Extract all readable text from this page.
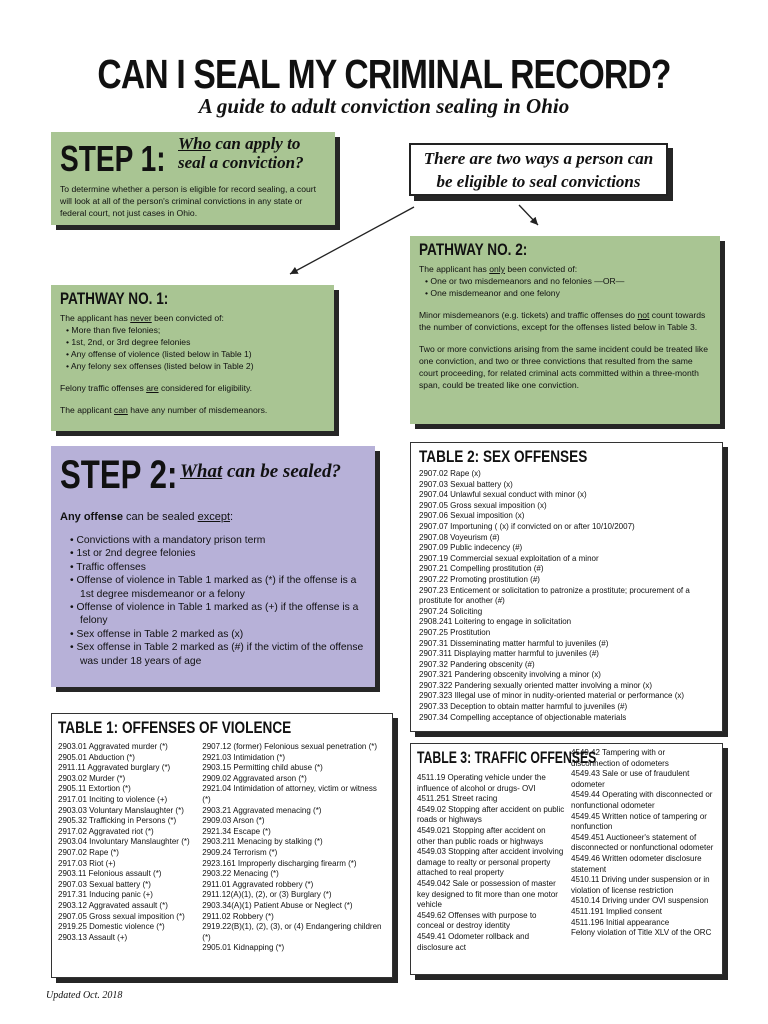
CAN I SEAL MY CRIMINAL RECORD?
A guide to adult conviction sealing in Ohio
STEP 1: Who can apply to
seal a conviction?
To determine whether a person is eligible for record sealing, a court will look at all of the person's criminal convictions in any state or federal court, not just cases in Ohio.
There are two ways a person can
be eligible to seal convictions
PATHWAY NO. 1:
The applicant has never been convicted of:
• More than five felonies;
• 1st, 2nd, or 3rd degree felonies
• Any offense of violence (listed below in Table 1)
• Any felony sex offenses (listed below in Table 2)
Felony traffic offenses are considered for eligibility.
The applicant can have any number of misdemeanors.
PATHWAY NO. 2:
The applicant has only been convicted of:
• One or two misdemeanors and no felonies —OR—
• One misdemeanor and one felony
Minor misdemeanors (e.g. tickets) and traffic offenses do not count towards the number of convictions, except for the offenses listed below in Table 3.
Two or more convictions arising from the same incident could be treated like one conviction, and two or three convictions that resulted from the same court proceeding, for related criminal acts committed within a three-month span, could be treated like one conviction.
STEP 2: What can be sealed?
Any offense can be sealed except:
• Convictions with a mandatory prison term
• 1st or 2nd degree felonies
• Traffic offenses
• Offense of violence in Table 1 marked as (*) if the offense is a 1st degree misdemeanor or a felony
• Offense of violence in Table 1 marked as (+) if the offense is a felony
• Sex offense in Table 2 marked as (x)
• Sex offense in Table 2 marked as (#) if the victim of the offense was under 18 years of age
TABLE 1: OFFENSES OF VIOLENCE
2903.01 Aggravated murder (*)
2905.01 Abduction (*)
2911.11 Aggravated burglary (*)
2903.02 Murder (*)
2905.11 Extortion (*)
2917.01 Inciting to violence (+)
2903.03 Voluntary Manslaughter (*)
2905.32 Trafficking in Persons (*)
2917.02 Aggravated riot (*)
2903.04 Involuntary Manslaughter (*)
2907.02 Rape (*)
2917.03 Riot (+)
2903.11 Felonious assault (*)
2907.03 Sexual battery (*)
2917.31 Inducing panic (+)
2903.12 Aggravated assault (*)
2907.05 Gross sexual imposition (*)
2919.25 Domestic violence (*)
2903.13 Assault (+)
2907.12 (former) Felonious sexual penetration (*)
2921.03 Intimidation (*)
2903.15 Permitting child abuse (*)
2909.02 Aggravated arson (*)
2921.04 Intimidation of attorney, victim or witness (*)
2903.21 Aggravated menacing (*)
2909.03 Arson (*)
2921.34 Escape (*)
2903.211 Menacing by stalking (*)
2909.24 Terrorism (*)
2923.161 Improperly discharging firearm (*)
2903.22 Menacing (*)
2911.01 Aggravated robbery (*)
2911.12(A)(1), (2), or (3) Burglary (*)
2903.34(A)(1) Patient Abuse or Neglect (*)
2911.02 Robbery (*)
2919.22(B)(1), (2), (3), or (4) Endangering children (*)
2905.01 Kidnapping (*)
TABLE 2: SEX OFFENSES
2907.02 Rape (x)
2907.03 Sexual battery (x)
2907.04 Unlawful sexual conduct with minor (x)
2907.05 Gross sexual imposition (x)
2907.06 Sexual imposition (x)
2907.07 Importuning ( (x) if convicted on or after 10/10/2007)
2907.08 Voyeurism (#)
2907.09 Public indecency (#)
2907.19 Commercial sexual exploitation of a minor
2907.21 Compelling prostitution (#)
2907.22 Promoting prostitution (#)
2907.23 Enticement or solicitation to patronize a prostitute; procurement of a prostitute for another (#)
2907.24 Soliciting
2908.241 Loitering to engage in solicitation
2907.25 Prostitution
2907.31 Disseminating matter harmful to juveniles (#)
2907.311 Displaying matter harmful to juveniles (#)
2907.32 Pandering obscenity (#)
2907.321 Pandering obscenity involving a minor (x)
2907.322 Pandering sexually oriented matter involving a minor (x)
2907.323 Illegal use of minor in nudity-oriented material or performance (x)
2907.33 Deception to obtain matter harmful to juveniles (#)
2907.34 Compelling acceptance of objectionable materials
TABLE 3: TRAFFIC OFFENSES
4511.19 Operating vehicle under the influence of alcohol or drugs- OVI
4511.251 Street racing
4549.02 Stopping after accident on public roads or highways
4549.021 Stopping after accident on other than public roads or highways
4549.03 Stopping after accident involving damage to realty or personal property attached to real property
4549.042 Sale or possession of master key designed to fit more than one motor vehicle
4549.62 Offenses with purpose to conceal or destroy identity
4549.41 Odometer rollback and disclosure act
4549.42 Tampering with or disconnection of odometers
4549.43 Sale or use of fraudulent odometer
4549.44 Operating with disconnected or nonfunctional odometer
4549.45 Written notice of tampering or nonfunction
4549.451 Auctioneer's statement of disconnected or nonfunctional odometer
4549.46 Written odometer disclosure statement
4510.11 Driving under suspension or in violation of license restriction
4510.14 Driving under OVI suspension
4511.191 Implied consent
4511.196 Initial appearance
Felony violation of Title XLV of the ORC
Updated Oct. 2018
